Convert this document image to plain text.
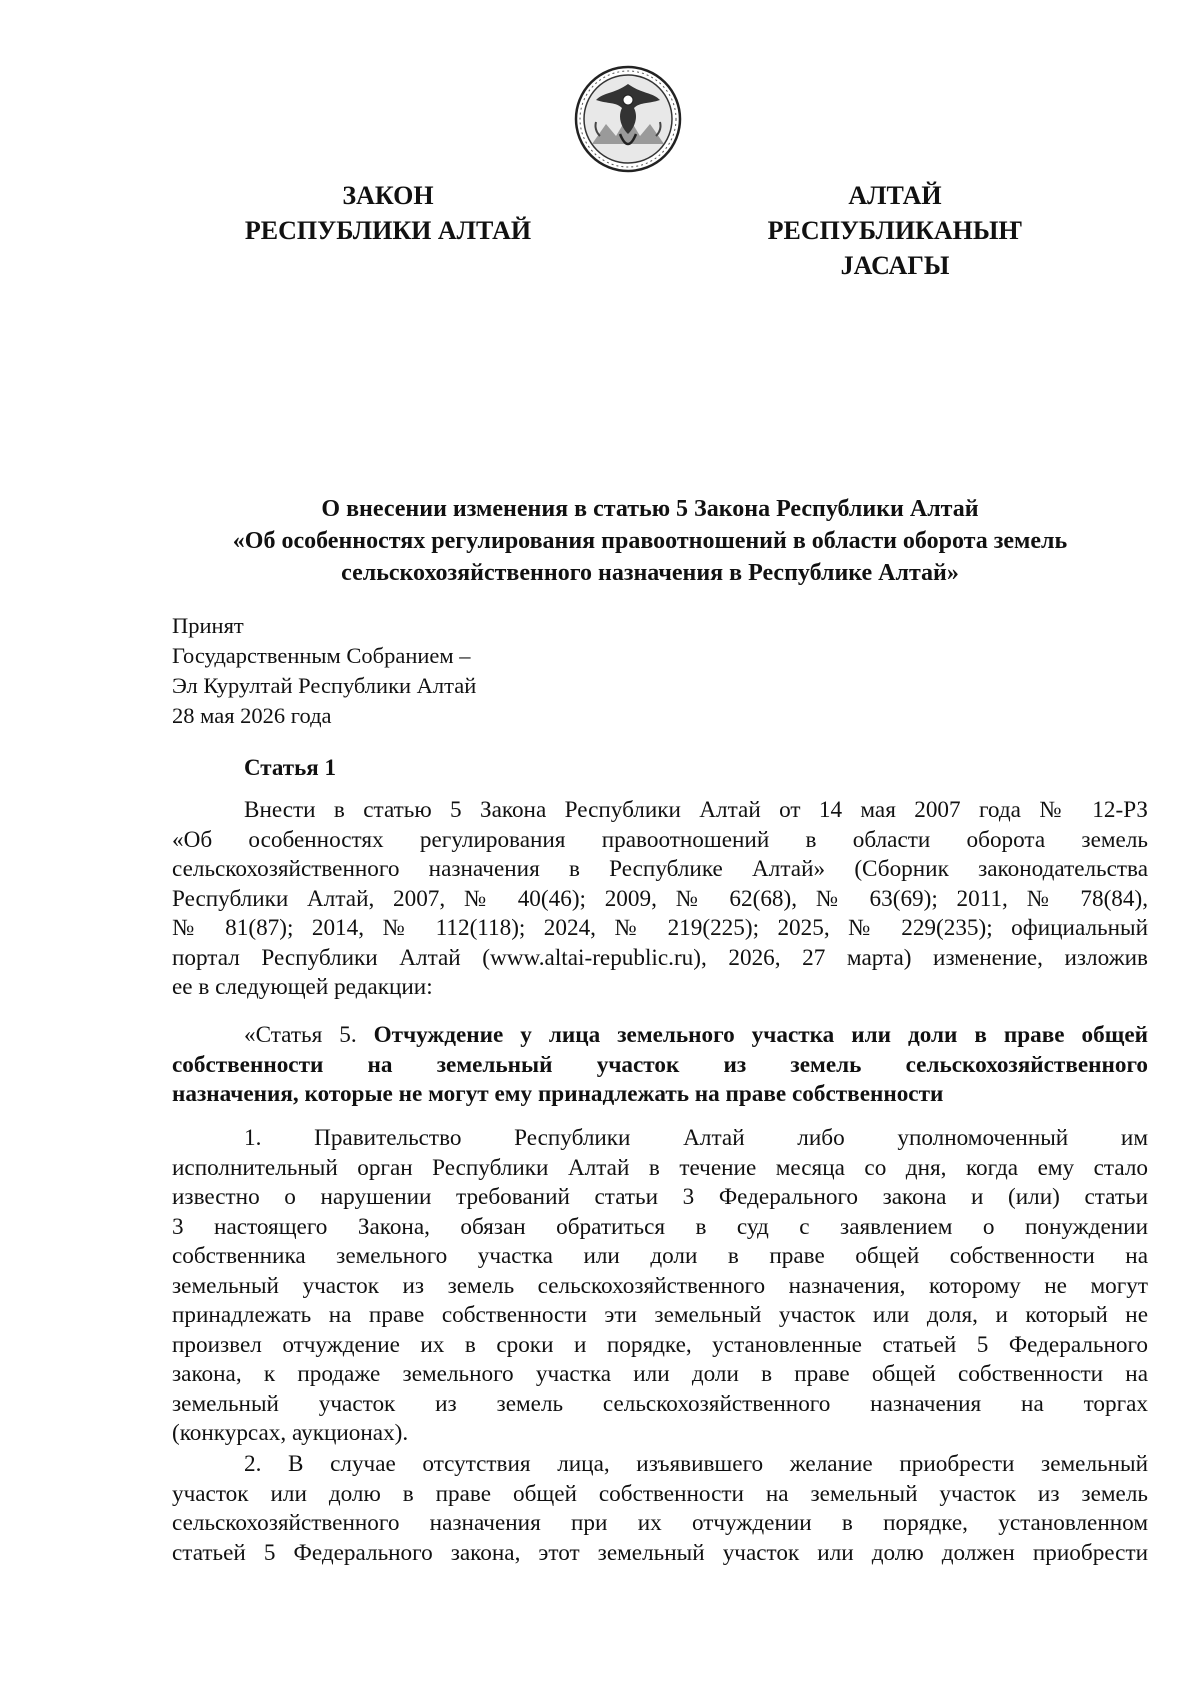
ЗАКОН
РЕСПУБЛИКИ АЛТАЙ
АЛТАЙ РЕСПУБЛИКАНЫҤ
ЈАСАГЫ
О внесении изменения в статью 5 Закона Республики Алтай
«Об особенностях регулирования правоотношений в области оборота земель
сельскохозяйственного назначения в Республике Алтай»
Принят
Государственным Собранием –
Эл Курултай Республики Алтай
28 мая 2026 года
Статья 1
Внести в статью 5 Закона Республики Алтай от 14 мая 2007 года № 12-РЗ
«Об особенностях регулирования правоотношений в области оборота земель
сельскохозяйственного назначения в Республике Алтай» (Сборник законодательства
Республики Алтай, 2007, № 40(46); 2009, № 62(68), № 63(69); 2011, № 78(84),
№ 81(87); 2014, № 112(118); 2024, № 219(225); 2025, № 229(235); официальный
портал Республики Алтай (www.altai-republic.ru), 2026, 27 марта) изменение, изложив
ее в следующей редакции:
«Статья 5. Отчуждение у лица земельного участка или доли в праве общей
собственности на земельный участок из земель сельскохозяйственного
назначения, которые не могут ему принадлежать на праве собственности
1. Правительство Республики Алтай либо уполномоченный им
исполнительный орган Республики Алтай в течение месяца со дня, когда ему стало
известно о нарушении требований статьи 3 Федерального закона и (или) статьи
3 настоящего Закона, обязан обратиться в суд с заявлением о понуждении
собственника земельного участка или доли в праве общей собственности на
земельный участок из земель сельскохозяйственного назначения, которому не могут
принадлежать на праве собственности эти земельный участок или доля, и который не
произвел отчуждение их в сроки и порядке, установленные статьей 5 Федерального
закона, к продаже земельного участка или доли в праве общей собственности на
земельный участок из земель сельскохозяйственного назначения на торгах
(конкурсах, аукционах).
2. В случае отсутствия лица, изъявившего желание приобрести земельный
участок или долю в праве общей собственности на земельный участок из земель
сельскохозяйственного назначения при их отчуждении в порядке, установленном
статьей 5 Федерального закона, этот земельный участок или долю должен приобрести
